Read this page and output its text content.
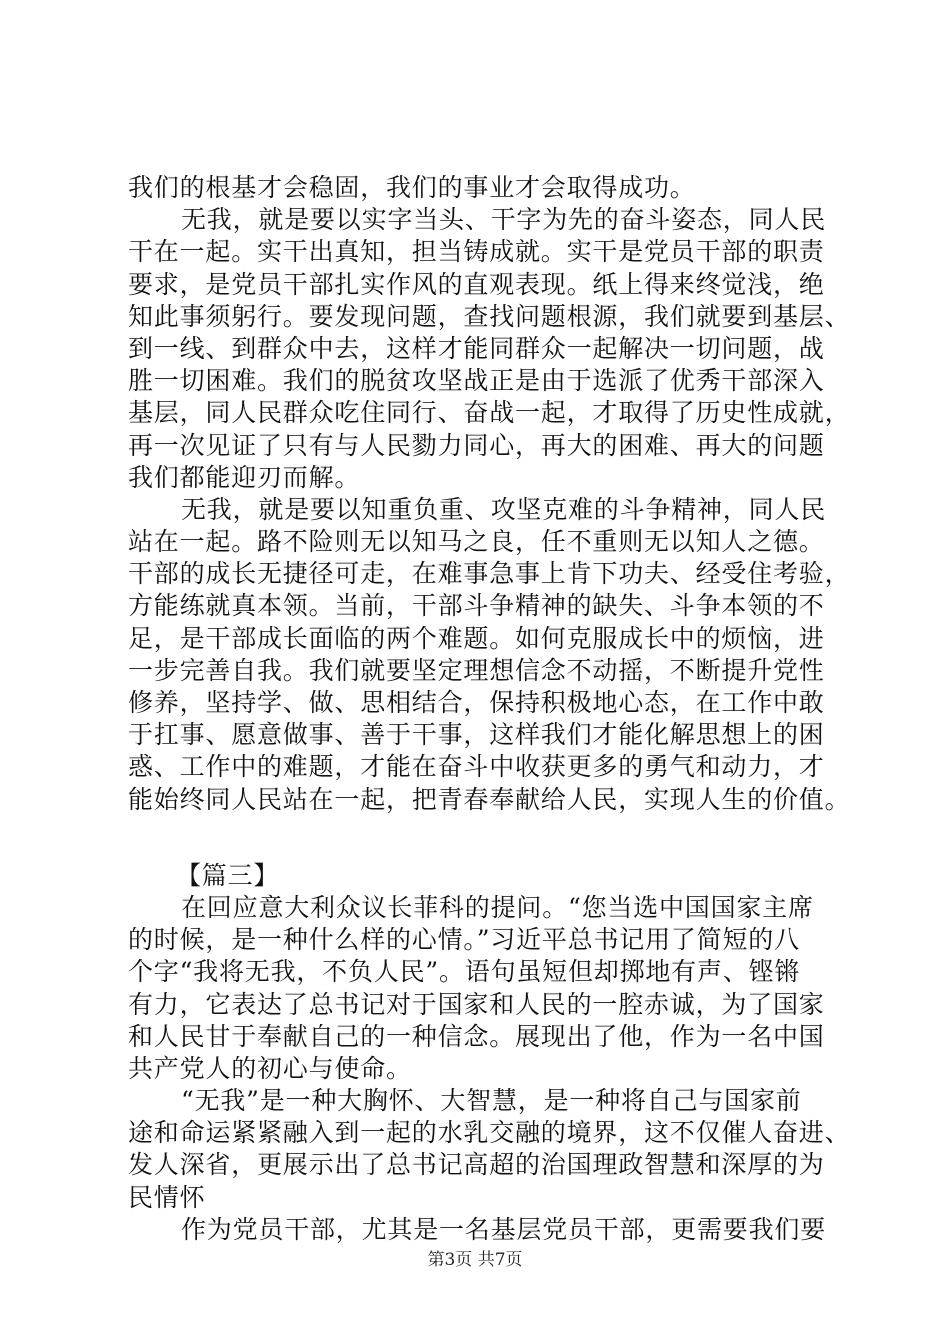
我们的根基才会稳固，我们的事业才会取得成功。
无我，就是要以实字当头、干字为先的奋斗姿态，同人民
干在一起。实干出真知，担当铸成就。实干是党员干部的职责
要求，是党员干部扎实作风的直观表现。纸上得来终觉浅，绝
知此事须躬行。要发现问题，查找问题根源，我们就要到基层、
到一线、到群众中去，这样才能同群众一起解决一切问题，战
胜一切困难。我们的脱贫攻坚战正是由于选派了优秀干部深入
基层，同人民群众吃住同行、奋战一起，才取得了历史性成就，
再一次见证了只有与人民勠力同心，再大的困难、再大的问题
我们都能迎刃而解。
无我，就是要以知重负重、攻坚克难的斗争精神，同人民
站在一起。路不险则无以知马之良，任不重则无以知人之德。
干部的成长无捷径可走，在难事急事上肯下功夫、经受住考验，
方能练就真本领。当前，干部斗争精神的缺失、斗争本领的不
足，是干部成长面临的两个难题。如何克服成长中的烦恼，进
一步完善自我。我们就要坚定理想信念不动摇，不断提升党性
修养，坚持学、做、思相结合，保持积极地心态，在工作中敢
于扛事、愿意做事、善于干事，这样我们才能化解思想上的困
惑、工作中的难题，才能在奋斗中收获更多的勇气和动力，才
能始终同人民站在一起，把青春奉献给人民，实现人生的价值。
【篇三】
在回应意大利众议长菲科的提问。“您当选中国国家主席
的时候，是一种什么样的心情。”习近平总书记用了简短的八
个字“我将无我，不负人民”。语句虽短但却掷地有声、铿锵
有力，它表达了总书记对于国家和人民的一腔赤诚，为了国家
和人民甘于奉献自己的一种信念。展现出了他，作为一名中国
共产党人的初心与使命。
“无我”是一种大胸怀、大智慧，是一种将自己与国家前
途和命运紧紧融入到一起的水乳交融的境界，这不仅催人奋进、
发人深省，更展示出了总书记高超的治国理政智慧和深厚的为
民情怀
作为党员干部，尤其是一名基层党员干部，更需要我们要
第3页 共7页
